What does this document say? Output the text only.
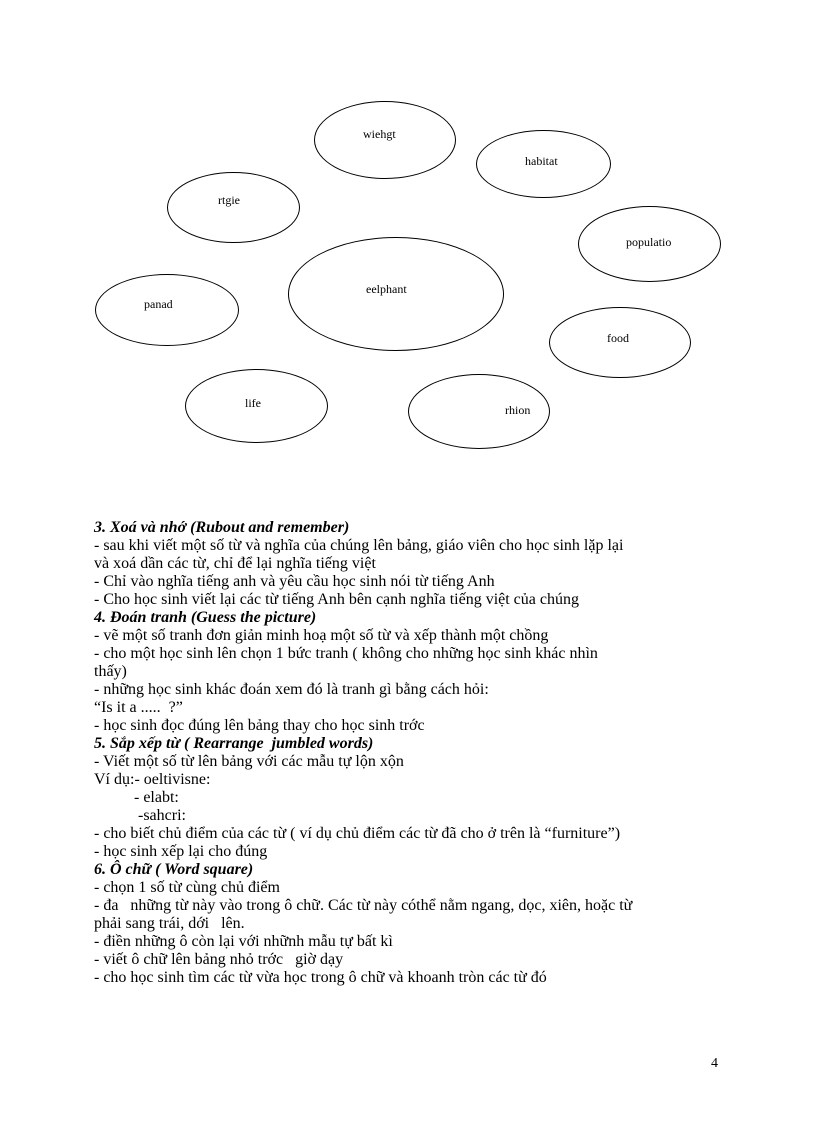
wiehgt
habitat
rtgie
populatio
eelphant
panad
food
life	rhion

3. Xoá và nhớ (Rubout and remember)

- sau khi viết một số từ và nghĩa của chúng lên bảng, giáo viên cho học sinh lặp lại

và xoá dần các từ, chỉ để lại nghĩa tiếng việt

- Chỉ vào nghĩa tiếng anh và yêu cầu học sinh nói từ tiếng Anh

- Cho học sinh viết lại các từ tiếng Anh bên cạnh nghĩa tiếng việt của chúng

4. Đoán tranh (Guess the picture)

- vẽ một số tranh đơn giản minh hoạ một số từ và xếp thành một chồng

- cho một học sinh lên chọn 1 bức tranh ( không cho những học sinh khác nhìn

thấy)

- những học sinh khác đoán xem đó là tranh gì bằng cách hỏi:

“Is it a .....  ?”

- học sinh đọc đúng lên bảng thay cho học sinh trớc

5. Sắp xếp từ ( Rearrange  jumbled words)

- Viết một số từ lên bảng với các mẫu tự lộn xộn

Ví dụ:- oeltivisne:

- elabt:

-sahcri:

- cho biết chủ điểm của các từ ( ví dụ chủ điểm các từ đã cho ở trên là “furniture”)

- học sinh xếp lại cho đúng

6. Ô chữ ( Word square)

- chọn 1 số từ cùng chủ điểm

- đa   những từ này vào trong ô chữ. Các từ này cóthể nằm ngang, dọc, xiên, hoặc từ

phải sang trái, dới   lên.

- điền những ô còn lại với nhữnh mẫu tự bất kì

- viết ô chữ lên bảng nhỏ trớc   giờ dạy

- cho học sinh tìm các từ vừa học trong ô chữ và khoanh tròn các từ đó

4
